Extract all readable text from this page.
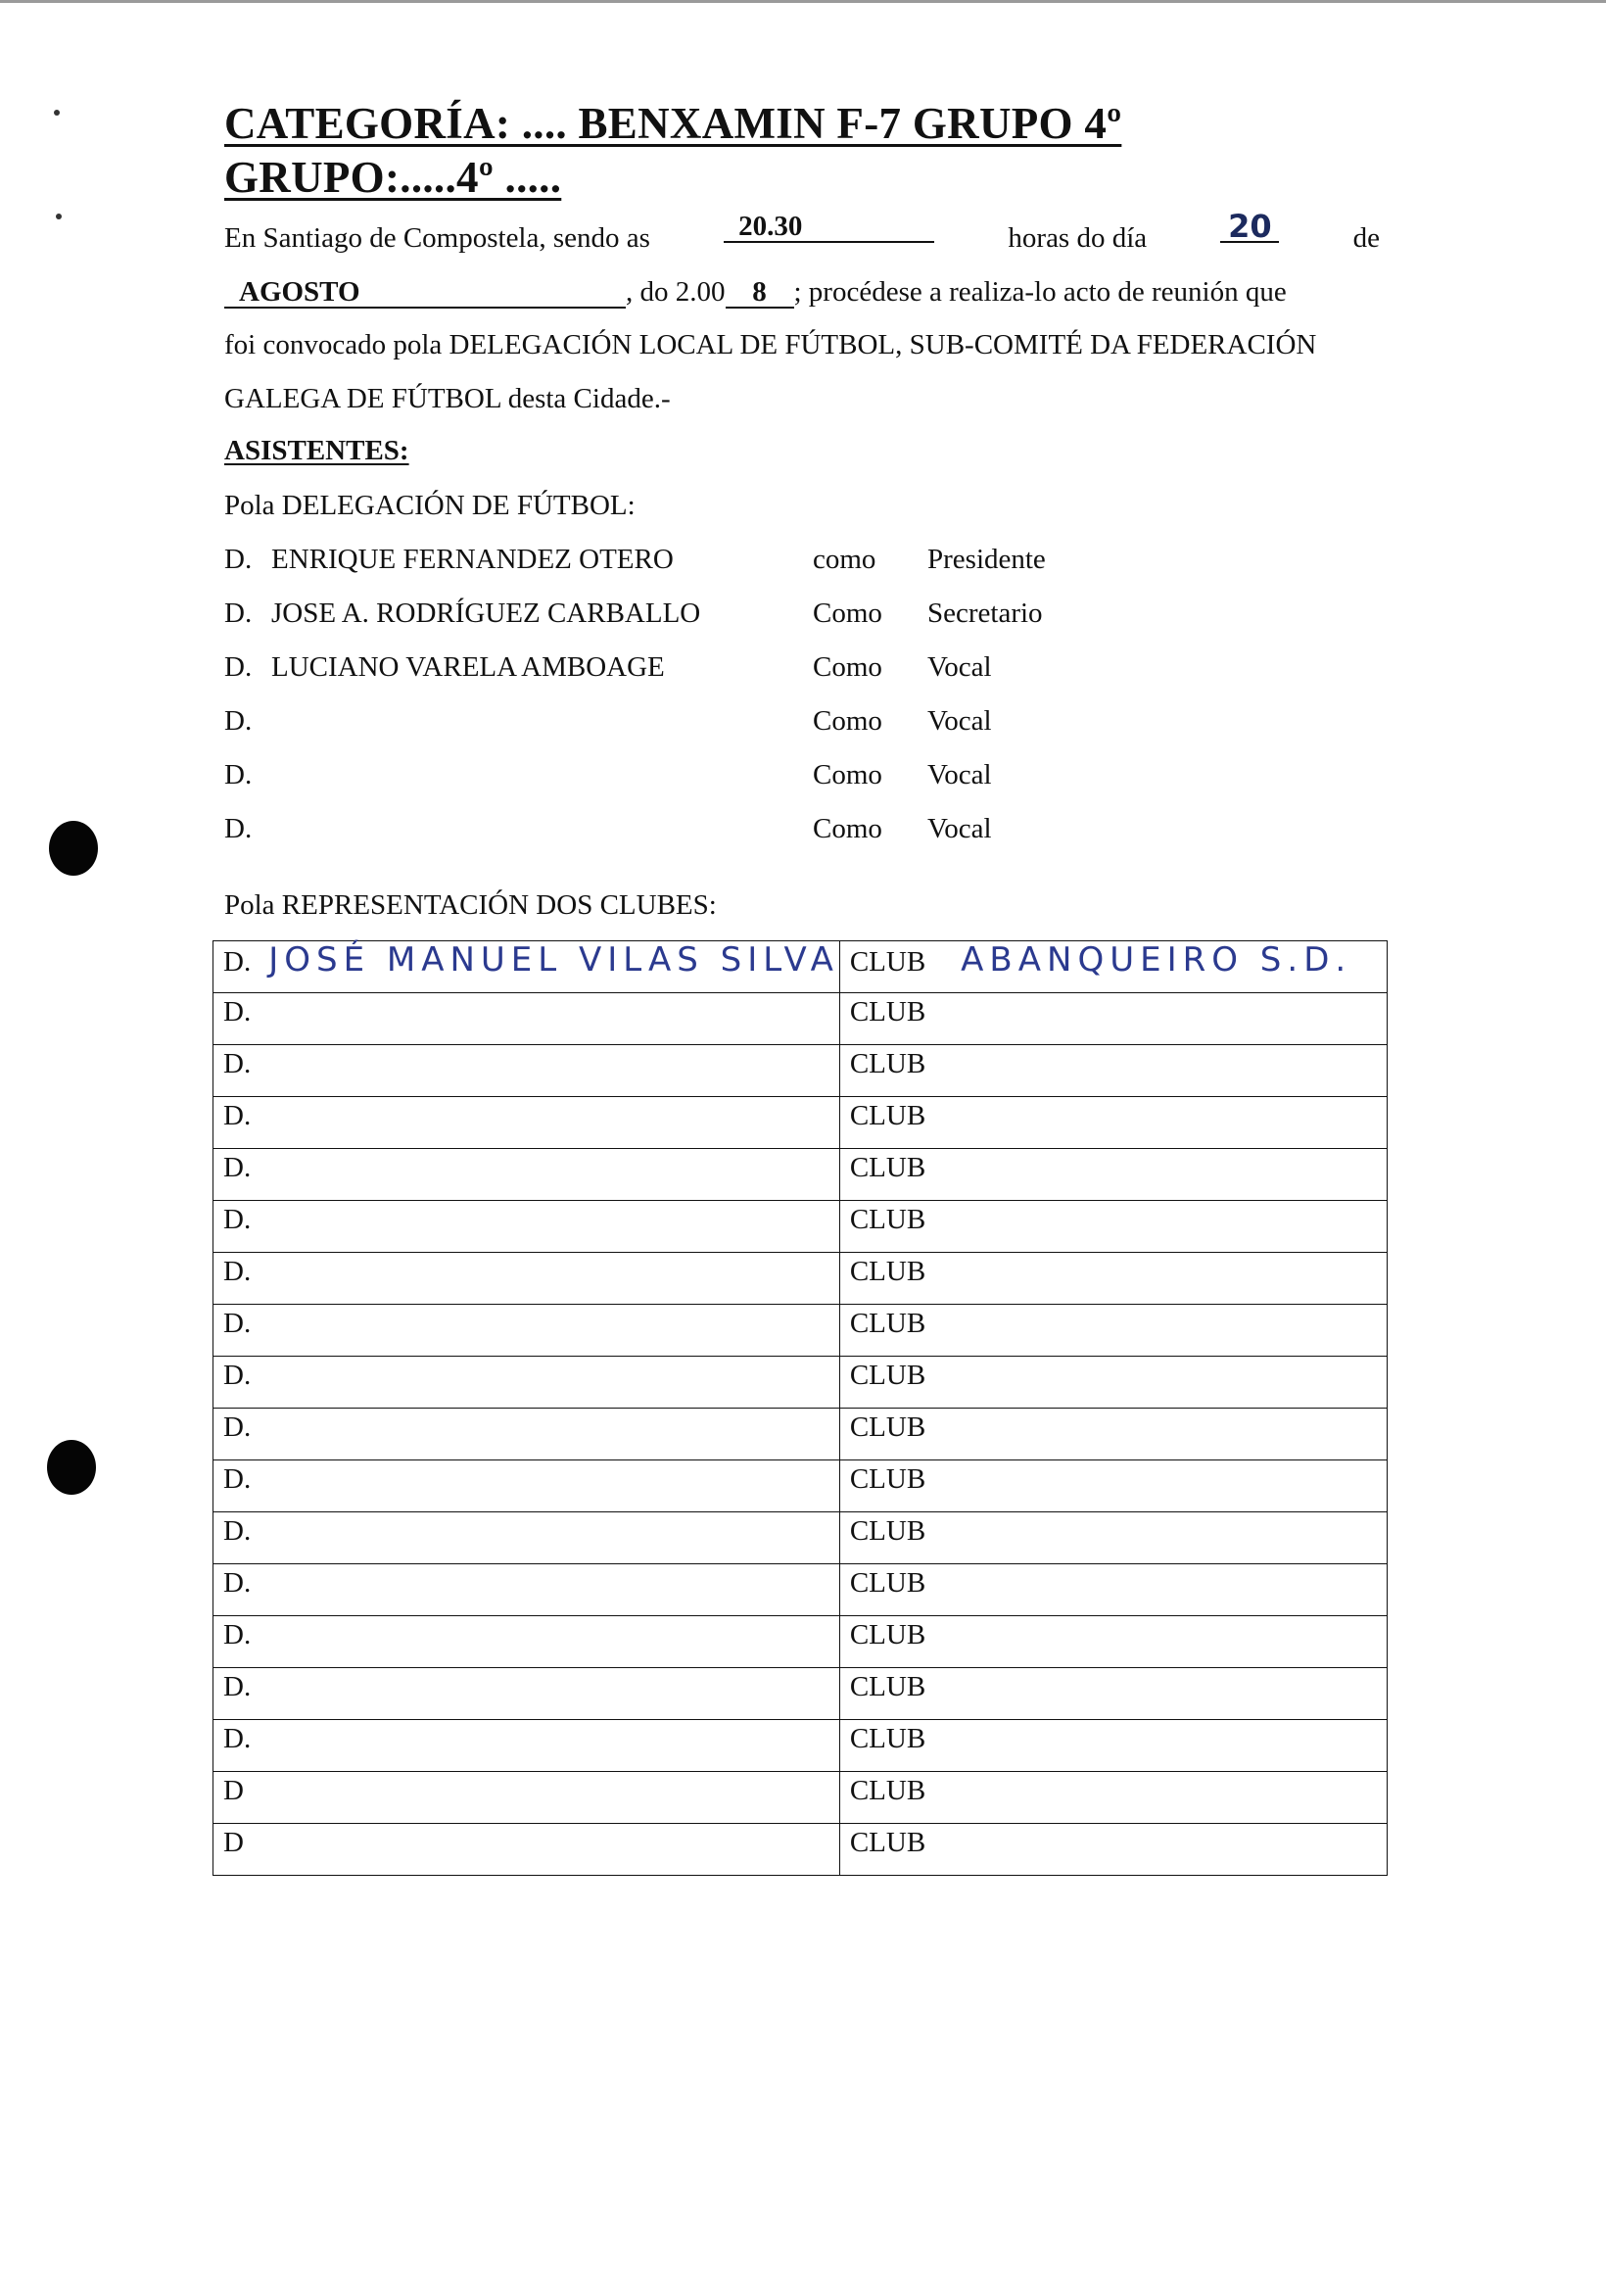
CATEGORÍA: .... BENXAMIN F-7 GRUPO 4º
GRUPO:.....4º .....
En Santiago de Compostela, sendo as	20.30	horas do día	20	de
AGOSTO	, do 2.00 8 ; procédese a realiza-lo acto de reunión que
foi convocado pola DELEGACIÓN LOCAL DE FÚTBOL, SUB-COMITÉ DA FEDERACIÓN
GALEGA DE FÚTBOL desta Cidade.-
ASISTENTES:
Pola DELEGACIÓN DE FÚTBOL:
D. ENRIQUE FERNANDEZ OTERO	como Presidente
D. JOSE A. RODRÍGUEZ CARBALLO	Como Secretario
D. LUCIANO VARELA AMBOAGE	Como Vocal
D.	Como Vocal
D.	Como Vocal
D.	Como Vocal
Pola REPRESENTACIÓN DOS CLUBES:
D. JOSÉ MANUEL VILAS SILVA	CLUB ABANQUEIRO S.D.
D.	CLUB
D.	CLUB
D.	CLUB
D.	CLUB
D.	CLUB
D.	CLUB
D.	CLUB
D.	CLUB
D.	CLUB
D.	CLUB
D.	CLUB
D.	CLUB
D.	CLUB
D.	CLUB
D.	CLUB
D	CLUB
D	CLUB
